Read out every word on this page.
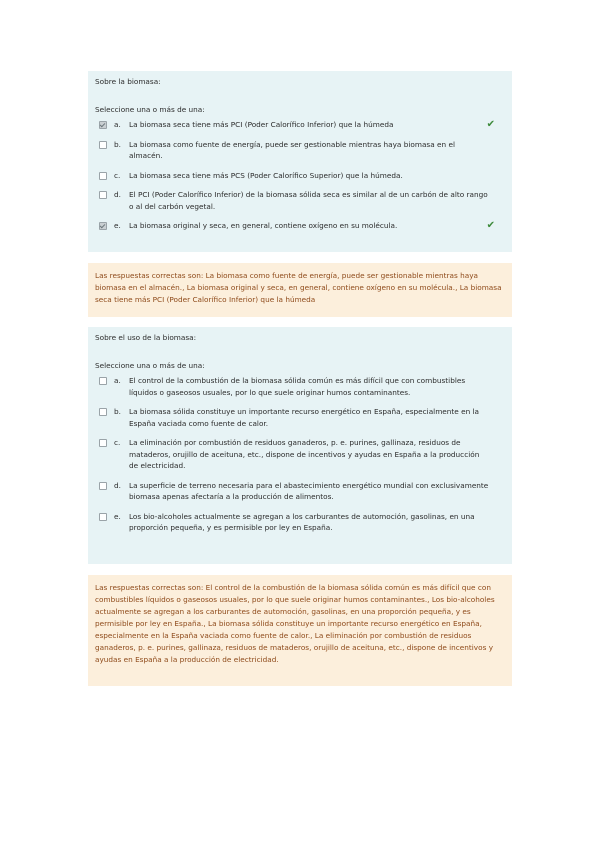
Sobre la biomasa:
Seleccione una o más de una:
a.	La biomasa seca tiene más PCI (Poder Calorífico Inferior) que la húmeda	✔
b.	La biomasa como fuente de energía, puede ser gestionable mientras haya biomasa en el almacén.
c.	La biomasa seca tiene más PCS (Poder Calorífico Superior) que la húmeda.
d.	El PCI (Poder Calorífico Inferior) de la biomasa sólida seca es similar al de un carbón de alto rango o al del carbón vegetal.
e.	La biomasa original y seca, en general, contiene oxígeno en su molécula.	✔
Las respuestas correctas son: La biomasa como fuente de energía, puede ser gestionable mientras haya biomasa en el almacén., La biomasa original y seca, en general, contiene oxígeno en su molécula., La biomasa seca tiene más PCI (Poder Calorífico Inferior) que la húmeda
Sobre el uso de la biomasa:
Seleccione una o más de una:
a.	El control de la combustión de la biomasa sólida común es más difícil que con combustibles líquidos o gaseosos usuales, por lo que suele originar humos contaminantes.
b.	La biomasa sólida constituye un importante recurso energético en España, especialmente en la España vaciada como fuente de calor.
c.	La eliminación por combustión de residuos ganaderos, p. e. purines, gallinaza, residuos de mataderos, orujillo de aceituna, etc., dispone de incentivos y ayudas en España a la producción de electricidad.
d.	La superficie de terreno necesaria para el abastecimiento energético mundial con exclusivamente biomasa apenas afectaría a la producción de alimentos.
e.	Los bio-alcoholes actualmente se agregan a los carburantes de automoción, gasolinas, en una proporción pequeña, y es permisible por ley en España.
Las respuestas correctas son: El control de la combustión de la biomasa sólida común es más difícil que con combustibles líquidos o gaseosos usuales, por lo que suele originar humos contaminantes., Los bio-alcoholes actualmente se agregan a los carburantes de automoción, gasolinas, en una proporción pequeña, y es permisible por ley en España., La biomasa sólida constituye un importante recurso energético en España, especialmente en la España vaciada como fuente de calor., La eliminación por combustión de residuos ganaderos, p. e. purines, gallinaza, residuos de mataderos, orujillo de aceituna, etc., dispone de incentivos y ayudas en España a la producción de electricidad.
